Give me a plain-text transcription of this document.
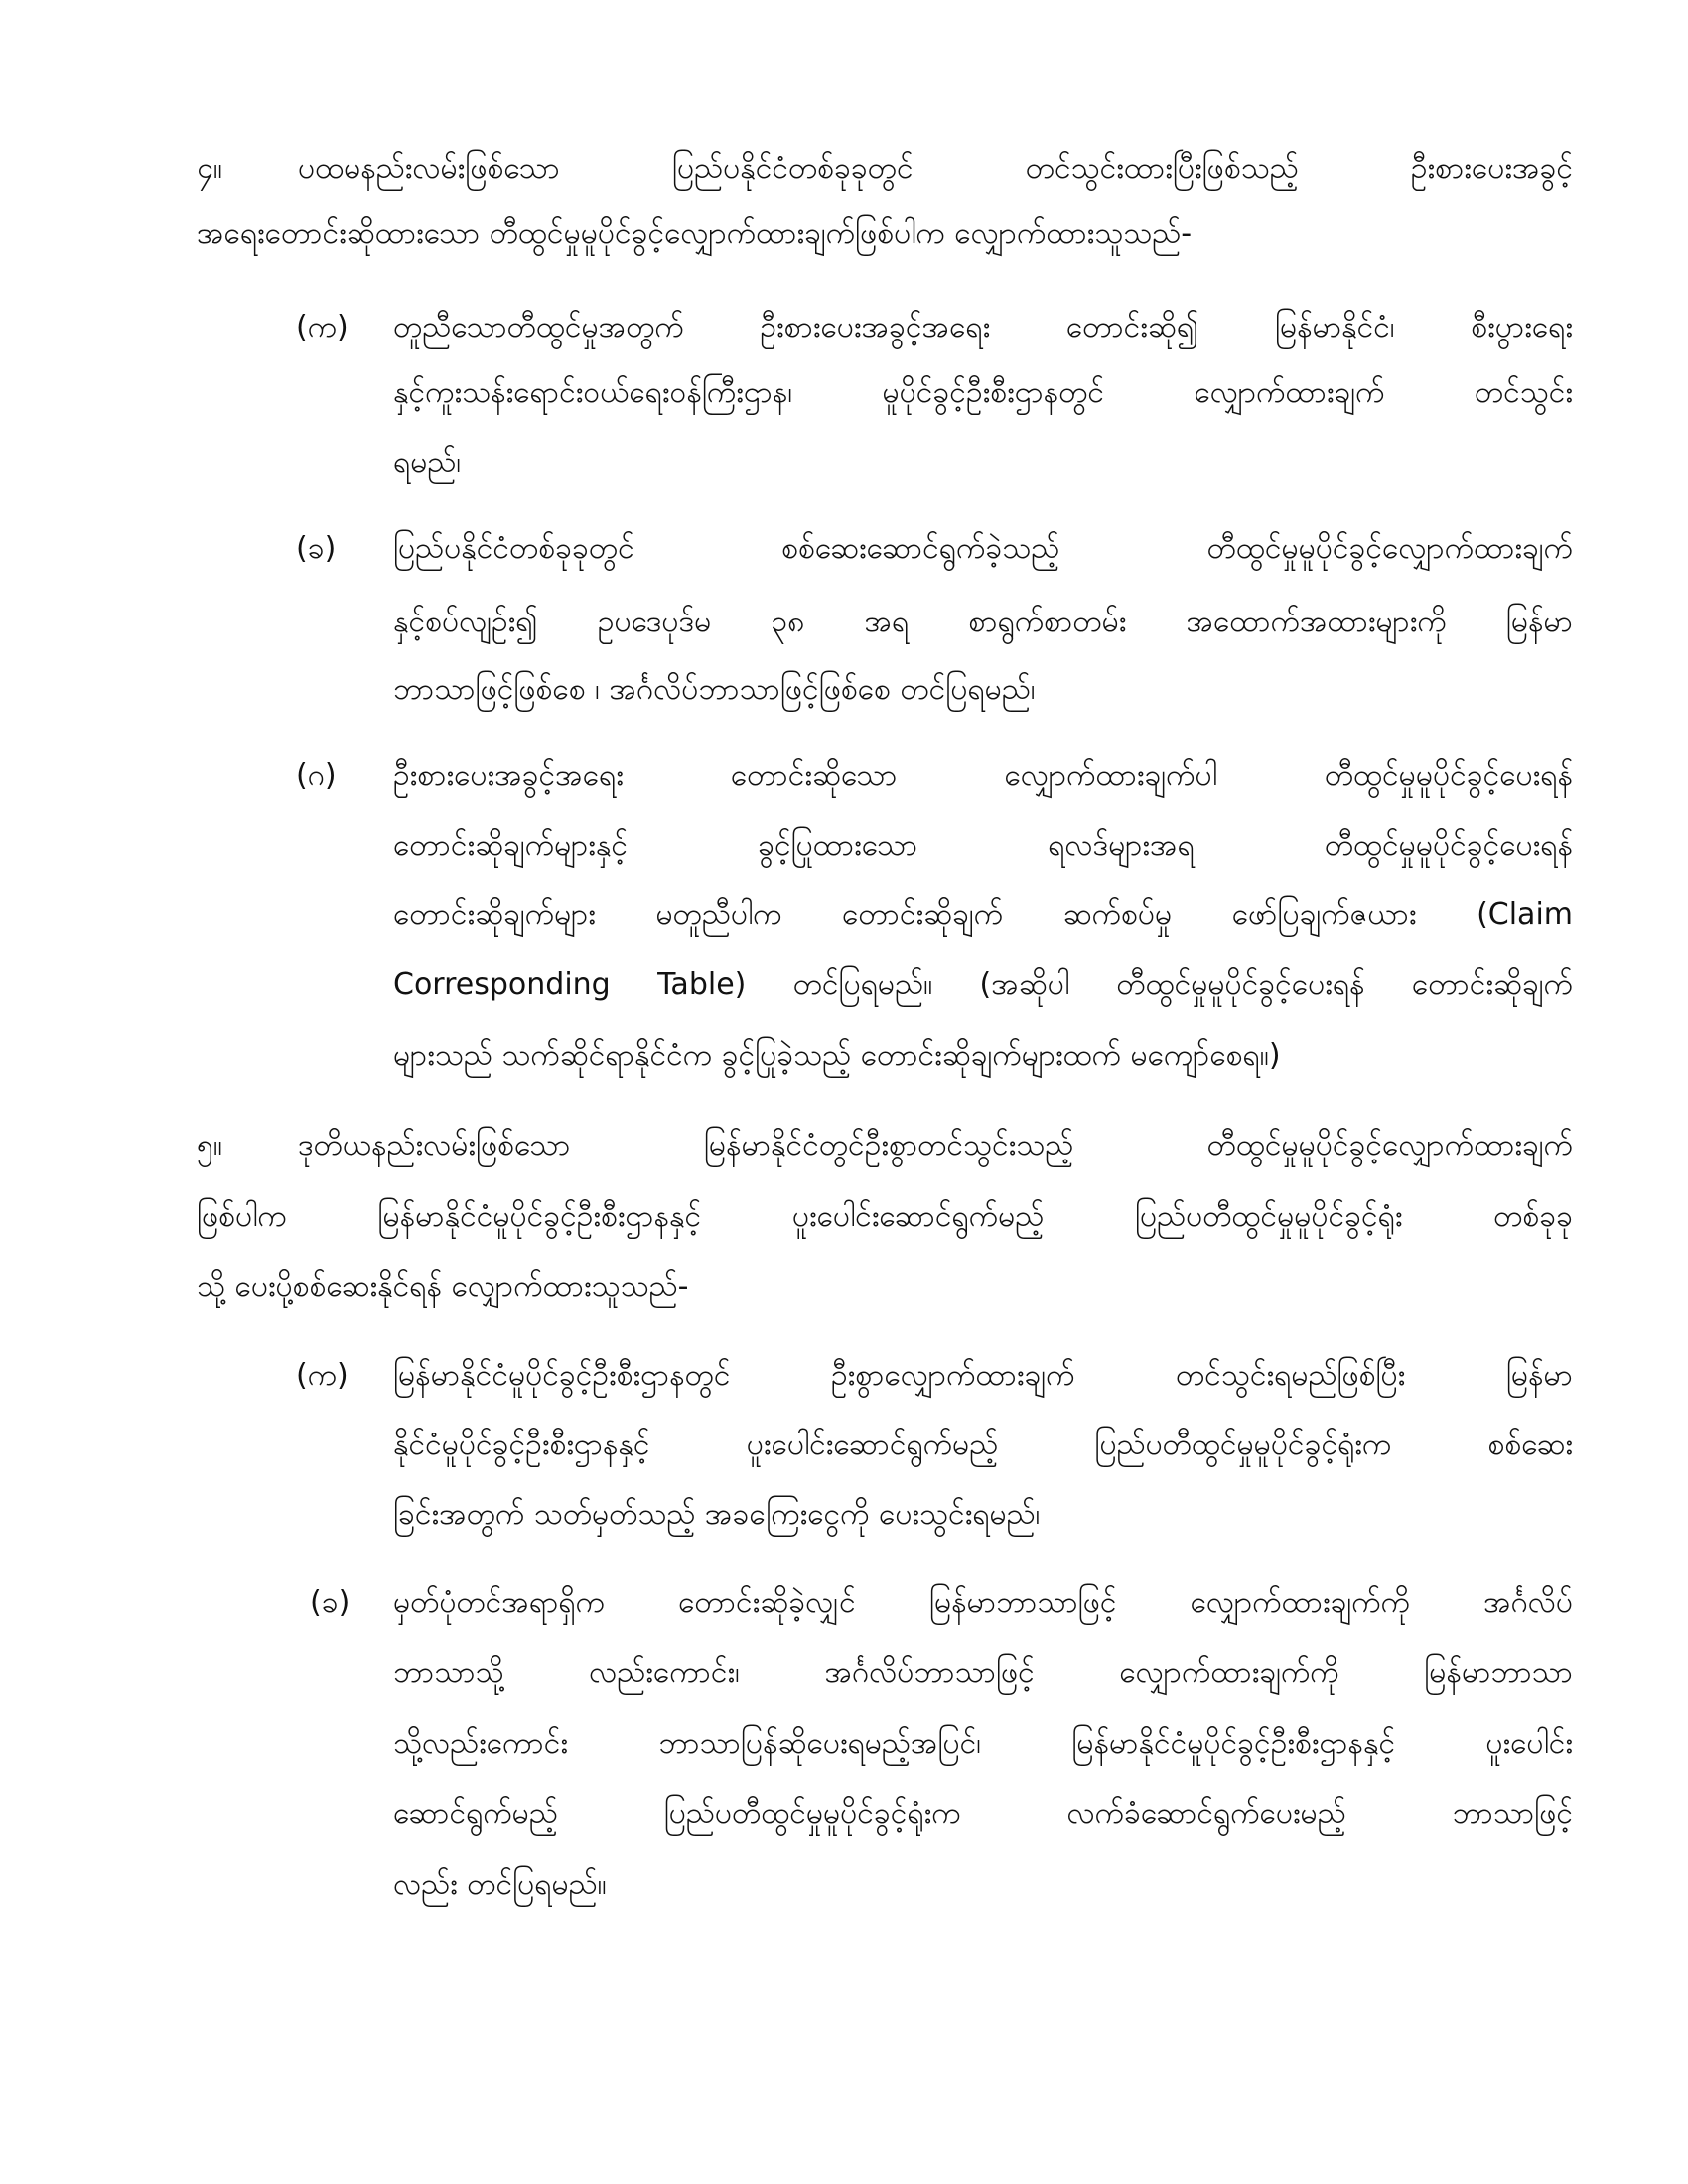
၄။	ပထမနည်းလမ်းဖြစ်သော ပြည်ပနိုင်ငံတစ်ခုခုတွင် တင်သွင်းထားပြီးဖြစ်သည့် ဦးစားပေးအခွင့်
အရေးတောင်းဆိုထားသော တီထွင်မှုမူပိုင်ခွင့်လျှောက်ထားချက်ဖြစ်ပါက လျှောက်ထားသူသည်-
(က) တူညီသောတီထွင်မှုအတွက် ဦးစားပေးအခွင့်အရေး တောင်းဆို၍ မြန်မာနိုင်ငံ၊ စီးပွားရေး
နှင့်ကူးသန်းရောင်းဝယ်ရေးဝန်ကြီးဌာန၊ မူပိုင်ခွင့်ဦးစီးဌာနတွင် လျှောက်ထားချက် တင်သွင်း
ရမည်၊
(ခ) ပြည်ပနိုင်ငံတစ်ခုခုတွင် စစ်ဆေးဆောင်ရွက်ခဲ့သည့် တီထွင်မှုမူပိုင်ခွင့်လျှောက်ထားချက်
နှင့်စပ်လျဉ်း၍ ဥပဒေပုဒ်မ ၃၈ အရ စာရွက်စာတမ်း အထောက်အထားများကို မြန်မာ
ဘာသာဖြင့်ဖြစ်စေ ၊ အင်္ဂလိပ်ဘာသာဖြင့်ဖြစ်စေ တင်ပြရမည်၊
(ဂ) ဦးစားပေးအခွင့်အရေး တောင်းဆိုသော လျှောက်ထားချက်ပါ တီထွင်မှုမူပိုင်ခွင့်ပေးရန်
တောင်းဆိုချက်များနှင့် ခွင့်ပြုထားသော ရလဒ်များအရ တီထွင်မှုမူပိုင်ခွင့်ပေးရန်
တောင်းဆိုချက်များ မတူညီပါက တောင်းဆိုချက် ဆက်စပ်မှု ဖော်ပြချက်ဇယား (Claim
Corresponding Table) တင်ပြရမည်။ (အဆိုပါ တီထွင်မှုမူပိုင်ခွင့်ပေးရန် တောင်းဆိုချက်
များသည် သက်ဆိုင်ရာနိုင်ငံက ခွင့်ပြုခဲ့သည့် တောင်းဆိုချက်များထက် မကျော်စေရ။)
၅။	ဒုတိယနည်းလမ်းဖြစ်သော မြန်မာနိုင်ငံတွင်ဦးစွာတင်သွင်းသည့် တီထွင်မှုမူပိုင်ခွင့်လျှောက်ထားချက်
ဖြစ်ပါက မြန်မာနိုင်ငံမူပိုင်ခွင့်ဦးစီးဌာနနှင့် ပူးပေါင်းဆောင်ရွက်မည့် ပြည်ပတီထွင်မှုမူပိုင်ခွင့်ရုံး တစ်ခုခု
သို့ ပေးပို့စစ်ဆေးနိုင်ရန် လျှောက်ထားသူသည်-
(က) မြန်မာနိုင်ငံမူပိုင်ခွင့်ဦးစီးဌာနတွင် ဦးစွာလျှောက်ထားချက် တင်သွင်းရမည်ဖြစ်ပြီး မြန်မာ
နိုင်ငံမူပိုင်ခွင့်ဦးစီးဌာနနှင့် ပူးပေါင်းဆောင်ရွက်မည့် ပြည်ပတီထွင်မှုမူပိုင်ခွင့်ရုံးက စစ်ဆေး
ခြင်းအတွက် သတ်မှတ်သည့် အခကြေးငွေကို ပေးသွင်းရမည်၊
(ခ) မှတ်ပုံတင်အရာရှိက တောင်းဆိုခဲ့လျှင် မြန်မာဘာသာဖြင့် လျှောက်ထားချက်ကို အင်္ဂလိပ်
ဘာသာသို့ လည်းကောင်း၊ အင်္ဂလိပ်ဘာသာဖြင့် လျှောက်ထားချက်ကို မြန်မာဘာသာ
သို့လည်းကောင်း ဘာသာပြန်ဆိုပေးရမည့်အပြင်၊ မြန်မာနိုင်ငံမူပိုင်ခွင့်ဦးစီးဌာနနှင့် ပူးပေါင်း
ဆောင်ရွက်မည့် ပြည်ပတီထွင်မှုမူပိုင်ခွင့်ရုံးက လက်ခံဆောင်ရွက်ပေးမည့် ဘာသာဖြင့်
လည်း တင်ပြရမည်။
